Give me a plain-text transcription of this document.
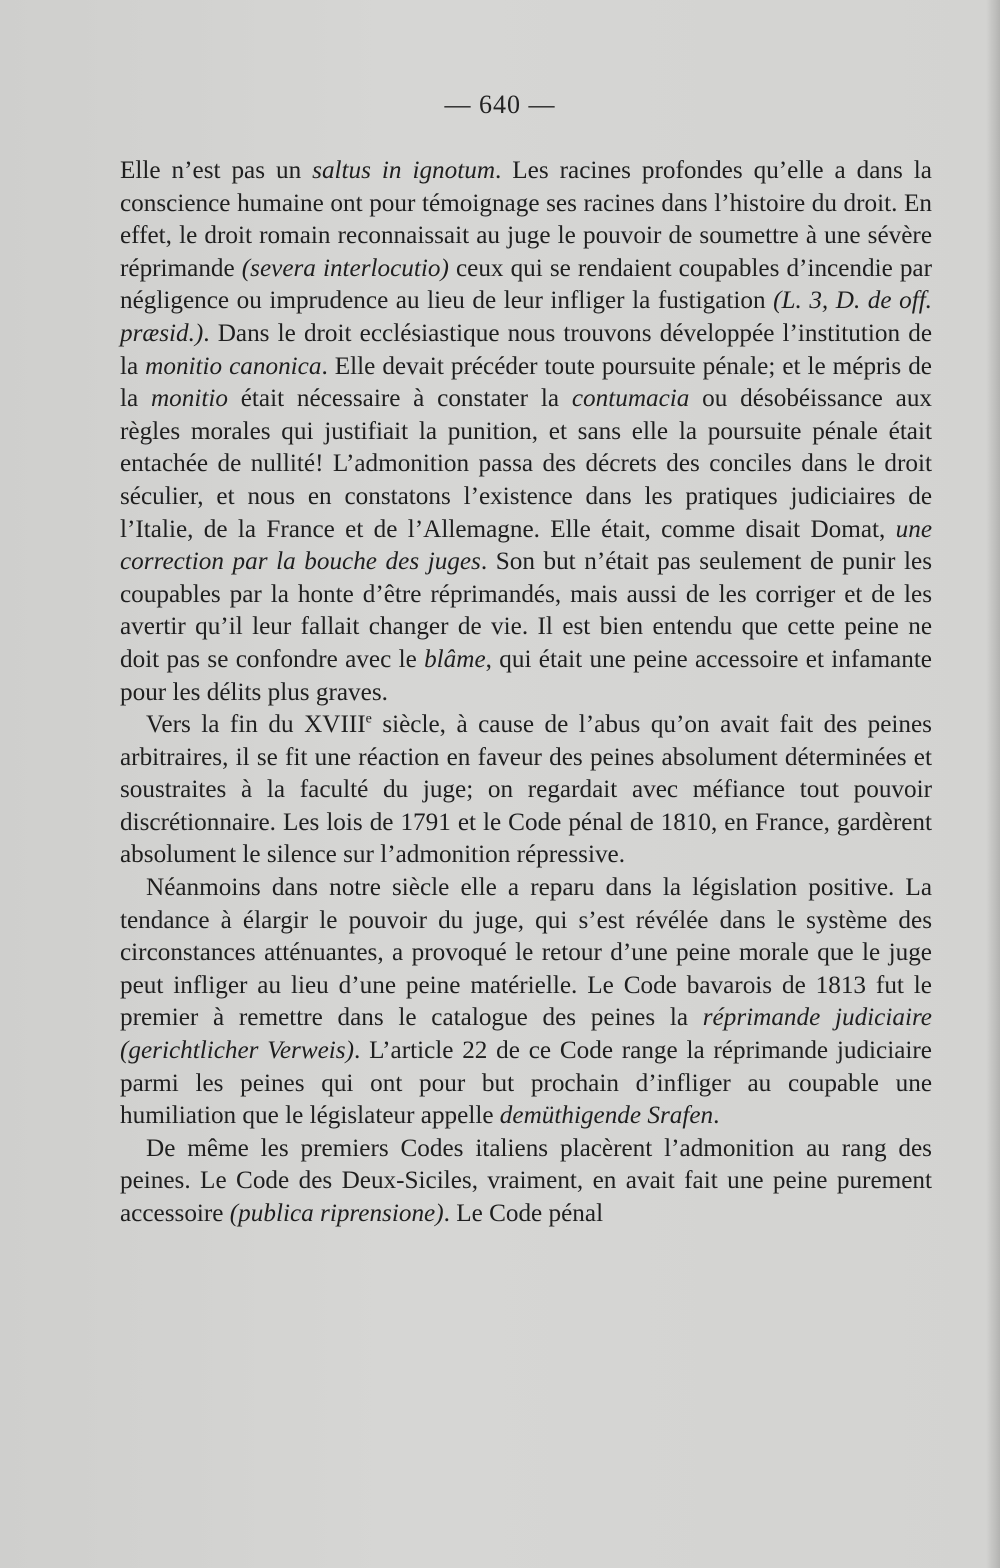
— 640 —

Elle n’est pas un saltus in ignotum. Les racines profondes qu’elle a dans la conscience humaine ont pour témoignage ses racines dans l’histoire du droit. En effet, le droit romain reconnaissait au juge le pouvoir de soumettre à une sévère réprimande (severa interlocutio) ceux qui se rendaient coupables d’incendie par négligence ou imprudence au lieu de leur infliger la fustigation (L. 3, D. de off. præsid.). Dans le droit ecclésiastique nous trouvons développée l’institution de la monitio canonica. Elle devait précéder toute poursuite pénale; et le mépris de la monitio était nécessaire à constater la contumacia ou désobéissance aux règles morales qui justifiait la punition, et sans elle la poursuite pénale était entachée de nullité! L’admonition passa des décrets des conciles dans le droit séculier, et nous en constatons l’existence dans les pratiques judiciaires de l’Italie, de la France et de l’Allemagne. Elle était, comme disait Domat, une correction par la bouche des juges. Son but n’était pas seulement de punir les coupables par la honte d’être réprimandés, mais aussi de les corriger et de les avertir qu’il leur fallait changer de vie. Il est bien entendu que cette peine ne doit pas se confondre avec le blâme, qui était une peine accessoire et infamante pour les délits plus graves.

Vers la fin du XVIIIe siècle, à cause de l’abus qu’on avait fait des peines arbitraires, il se fit une réaction en faveur des peines absolument déterminées et soustraites à la faculté du juge; on regardait avec méfiance tout pouvoir discrétionnaire. Les lois de 1791 et le Code pénal de 1810, en France, gardèrent absolument le silence sur l’admonition répressive.

Néanmoins dans notre siècle elle a reparu dans la législation positive. La tendance à élargir le pouvoir du juge, qui s’est révélée dans le système des circonstances atténuantes, a provoqué le retour d’une peine morale que le juge peut infliger au lieu d’une peine matérielle. Le Code bavarois de 1813 fut le premier à remettre dans le catalogue des peines la réprimande judiciaire (gerichtlicher Verweis). L’article 22 de ce Code range la réprimande judiciaire parmi les peines qui ont pour but prochain d’infliger au coupable une humiliation que le législateur appelle demüthigende Srafen.

De même les premiers Codes italiens placèrent l’admonition au rang des peines. Le Code des Deux-Siciles, vraiment, en avait fait une peine purement accessoire (publica riprensione). Le Code pénal
